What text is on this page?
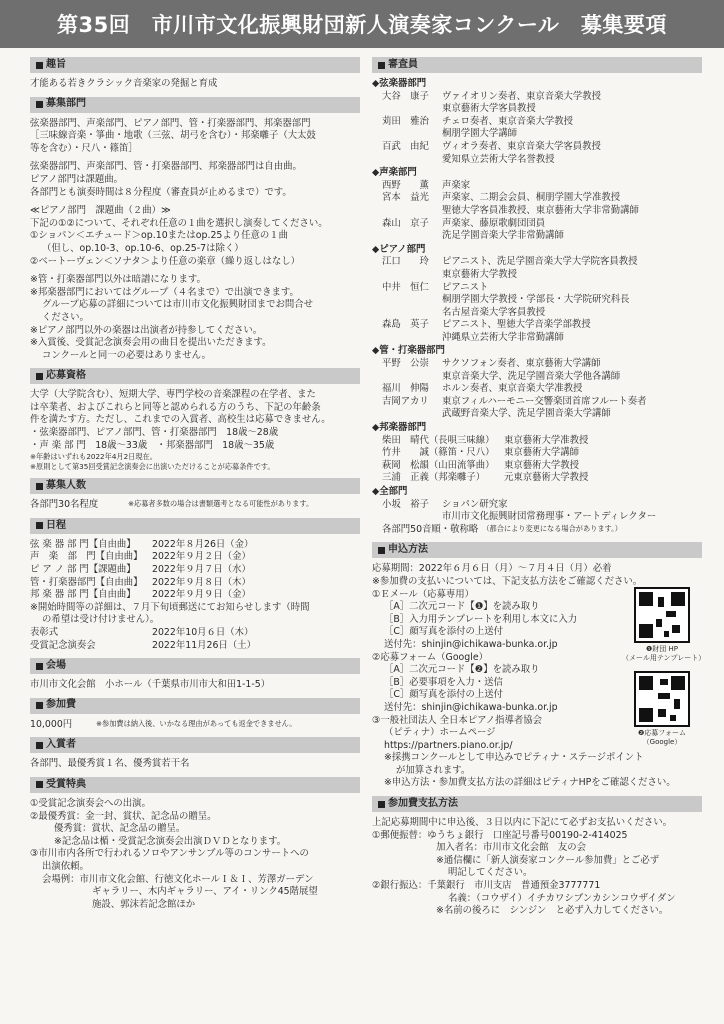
第35回　市川市文化振興財団新人演奏家コンクール　募集要項
趣旨
才能ある若きクラシック音楽家の発掘と育成
募集部門
弦楽器部門、声楽部門、ピアノ部門、管・打楽器部門、邦楽器部門
［三味線音楽・箏曲・地歌（三弦、胡弓を含む）・邦楽囃子（大太鼓
等を含む）・尺八・篠笛］
弦楽器部門、声楽部門、管・打楽器部門、邦楽器部門は自由曲。
ピアノ部門は課題曲。
各部門とも演奏時間は８分程度（審査員が止めるまで）です。
≪ピアノ部門　課題曲（２曲）≫
下記の①②について、それぞれ任意の１曲を選択し演奏してください。
①ショパン＜エチュード＞op.10またはop.25より任意の１曲
（但し、op.10-3、op.10-6、op.25-7は除く）
②ベートーヴェン＜ソナタ＞より任意の楽章（繰り返しはなし）
※管・打楽器部門以外は暗譜になります。
※邦楽器部門においてはグループ（４名まで）で出演できます。
グループ応募の詳細については市川市文化振興財団までお問合せ
ください。
※ピアノ部門以外の楽器は出演者が持参してください。
※入賞後、受賞記念演奏会用の曲目を提出いただきます。
コンクールと同一の必要はありません。
応募資格
大学（大学院含む）、短期大学、専門学校の音楽課程の在学者、また
は卒業者、およびこれらと同等と認められる方のうち、下記の年齢条
件を満たす方。ただし、これまでの入賞者、高校生は応募できません。
・弦楽器部門、ピアノ部門、管・打楽器部門　18歳～28歳
・声 楽 部 門　18歳～33歳　・邦楽器部門　18歳～35歳
※年齢はいずれも2022年4月2日現在。
※原則として第35回受賞記念演奏会に出演いただけることが応募条件です。
募集人数
各部門30名程度	※応募者多数の場合は書類選考となる可能性があります。
日程
弦 楽 器 部 門【自由曲】	2022年８月26日（金）
声　楽　部　門【自由曲】	2022年９月２日（金）
ピ ア ノ 部 門【課題曲】	2022年９月７日（水）
管・打楽器部門【自由曲】	2022年９月８日（木）
邦 楽 器 部 門【自由曲】	2022年９月９日（金）
※開始時間等の詳細は、７月下旬頃郵送にてお知らせします（時間
の希望は受け付けません）。
表彰式	2022年10月６日（木）
受賞記念演奏会	2022年11月26日（土）
会場
市川市文化会館　小ホール（千葉県市川市大和田1-1-5）
参加費
10,000円	※参加費は納入後、いかなる理由があっても返金できません。
入賞者
各部門、最優秀賞１名、優秀賞若干名
受賞特典
①受賞記念演奏会への出演。
②最優秀賞：金一封、賞状、記念品の贈呈。
優秀賞：賞状、記念品の贈呈。
※記念品は楯・受賞記念演奏会出演ＤＶＤとなります。
③市川市内各所で行われるソロやアンサンブル等のコンサートへの
出演依頼。
会場例：市川市文化会館、行徳文化ホールＩ＆Ｉ、芳澤ガーデン
ギャラリー、木内ギャラリー、アイ・リンク45階展望
施設、郭沫若記念館ほか
審査員
◆弦楽器部門
大谷　康子	ヴァイオリン奏者、東京音楽大学教授
東京藝術大学客員教授
苅田　雅治	チェロ奏者、東京音楽大学教授
桐朋学園大学講師
百武　由紀	ヴィオラ奏者、東京音楽大学客員教授
愛知県立芸術大学名誉教授
◆声楽部門
西野　　薫	声楽家
宮本　益光	声楽家、二期会会員、桐朋学園大学准教授
聖徳大学客員准教授、東京藝術大学非常勤講師
森山　京子	声楽家、藤原歌劇団団員
洗足学園音楽大学非常勤講師
◆ピアノ部門
江口　　玲	ピアニスト、洗足学園音楽大学大学院客員教授
東京藝術大学教授
中井　恒仁	ピアニスト
桐朋学園大学教授・学部長・大学院研究科長
名古屋音楽大学客員教授
森島　英子	ピアニスト、聖徳大学音楽学部教授
沖縄県立芸術大学非常勤講師
◆管・打楽器部門
平野　公崇	サクソフォン奏者、東京藝術大学講師
東京音楽大学、洗足学園音楽大学他各講師
福川　伸陽	ホルン奏者、東京音楽大学准教授
吉岡アカリ	東京フィルハーモニー交響楽団首席フルート奏者
武蔵野音楽大学、洗足学園音楽大学講師
◆邦楽器部門
柴田　晴代（長唄三味線）	東京藝術大学准教授
竹井　　誠（篠笛・尺八）	東京藝術大学講師
萩岡　松韻（山田流箏曲）	東京藝術大学教授
三浦　正義（邦楽囃子）	元東京藝術大学教授
◆全部門
小坂　裕子	ショパン研究家
市川市文化振興財団常務理事・アートディレクター
各部門50音順・敬称略 （都合により変更になる場合があります。）
申込方法
応募期間：2022年６月６日（月）～７月４日（月）必着
※参加費の支払いについては、下記支払方法をご確認ください。
①Ｅメール（応募専用）
［A］二次元コード【❶】を読み取り
［B］入力用テンプレートを利用し本文に入力
［C］顔写真を添付の上送付
送付先：shinjin@ichikawa-bunka.or.jp
②応募フォーム（Google）
［A］二次元コード【❷】を読み取り
［B］必要事項を入力・送信
［C］顔写真を添付の上送付
送付先：shinjin@ichikawa-bunka.or.jp
③一般社団法人 全日本ピアノ指導者協会
（ピティナ）ホームページ
https://partners.piano.or.jp/
※採携コンクールとして申込みでピティナ・ステージポイント
が加算されます。
※申込方法・参加費支払方法の詳細はピティナHPをご確認ください。
❶財団 HP
（メール用テンプレート）
❷応募フォーム
（Google）
参加費支払方法
上記応募期間中に申込後、３日以内に下記にて必ずお支払いください。
①郵便振替：ゆうちょ銀行　口座記号番号00190-2-414025
加入者名：市川市文化会館　友の会
※通信欄に「新人演奏家コンクール参加費」とご必ず
明記してください。
②銀行振込：千葉銀行　市川支店　普通預金3777771
名義：（コウザイ）イチカワシブンカシンコウザイダン
※名前の後ろに　シンジン　と必ず入力してください。
